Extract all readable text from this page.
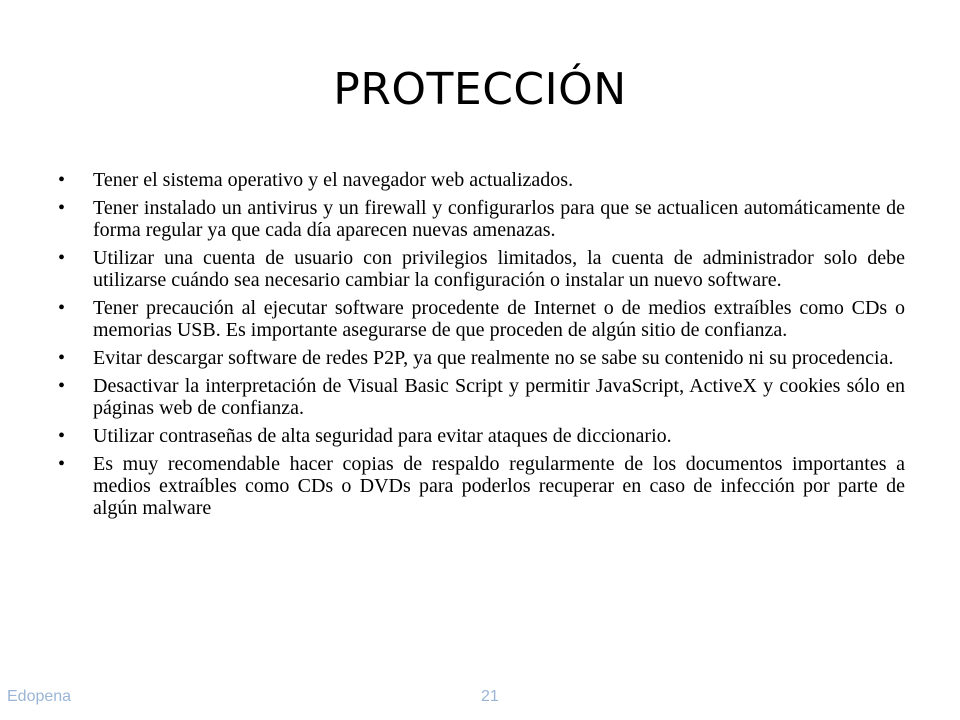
PROTECCIÓN
• Tener el sistema operativo y el navegador web actualizados.
• Tener instalado un antivirus y un firewall y configurarlos para que se actualicen automáticamente de forma regular ya que cada día aparecen nuevas amenazas.
• Utilizar una cuenta de usuario con privilegios limitados, la cuenta de administrador solo debe utilizarse cuándo sea necesario cambiar la configuración o instalar un nuevo software.
• Tener precaución al ejecutar software procedente de Internet o de medios extraíbles como CDs o memorias USB. Es importante asegurarse de que proceden de algún sitio de confianza.
• Evitar descargar software de redes P2P, ya que realmente no se sabe su contenido ni su procedencia.
• Desactivar la interpretación de Visual Basic Script y permitir JavaScript, ActiveX y cookies sólo en páginas web de confianza.
• Utilizar contraseñas de alta seguridad para evitar ataques de diccionario.
• Es muy recomendable hacer copias de respaldo regularmente de los documentos importantes a medios extraíbles como CDs o DVDs para poderlos recuperar en caso de infección por parte de algún malware
Edopena	21
